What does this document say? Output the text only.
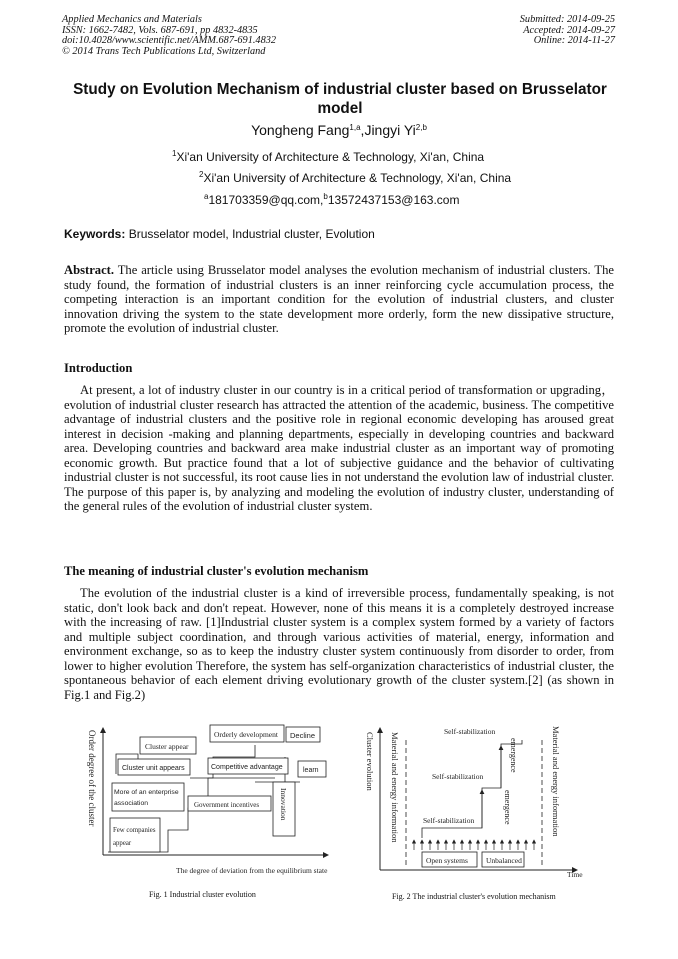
Applied Mechanics and Materials
ISSN: 1662-7482, Vols. 687-691, pp 4832-4835
doi:10.4028/www.scientific.net/AMM.687-691.4832
© 2014 Trans Tech Publications Ltd, Switzerland
Submitted: 2014-09-25
Accepted: 2014-09-27
Online: 2014-11-27
Study on Evolution Mechanism of industrial cluster based on Brusselator model
Yongheng Fang$^{1,a}$,Jingyi Yi$^{2,b}$
$^1$Xi'an University of Architecture & Technology, Xi'an, China
$^2$Xi'an University of Architecture & Technology, Xi'an, China
$^a$181703359@qq.com,$^b$13572437153@163.com
Keywords: Brusselator model, Industrial cluster, Evolution
Abstract. The article using Brusselator model analyses the evolution mechanism of industrial clusters. The study found, the formation of industrial clusters is an inner reinforcing cycle accumulation process, the competing interaction is an important condition for the evolution of industrial clusters, and cluster innovation driving the system to the state development more orderly, form the new dissipative structure, promote the evolution of industrial cluster.
Introduction
At present, a lot of industry cluster in our country is in a critical period of transformation or upgrading，evolution of industrial cluster research has attracted the attention of the academic, business. The competitive advantage of industrial clusters and the positive role in regional economic developing has aroused great interest in decision -making and planning departments, especially in developing countries and backward area. Developing countries and backward area make industrial cluster as an important way of promoting economic growth. But practice found that a lot of subjective guidance and the behavior of cultivating industrial cluster is not successful, its root cause lies in not understand the evolution law of industrial cluster. The purpose of this paper is, by analyzing and modeling the evolution of industry cluster, understanding of the general rules of the evolution of industrial cluster system.
The meaning of industrial cluster's evolution mechanism
The evolution of the industrial cluster is a kind of irreversible process, fundamentally speaking, is not static, don't look back and don't repeat. However, none of this means it is a completely destroyed increase with the increasing of raw. [1]Industrial cluster system is a complex system formed by a variety of factors and multiple subject coordination, and through various activities of material, energy, information and environment exchange, so as to keep the industry cluster system continuously from disorder to order, from lower to higher evolution Therefore, the system has self-organization characteristics of industrial cluster, the spontaneous behavior of each element driving evolutionary growth of the cluster system.[2] (as shown in Fig.1 and Fig.2)
Order degree of the cluster
The degree of deviation from the equilibrium state
Orderly development Decline
Cluster appear
Cluster unit appears	Competitive advantage	learn
More of an enterprise
association	Government incentives	Innovation
Few companies
appear
Fig. 1 Industrial cluster evolution
Cluster evolution Material and energy information	Material and energy information
emergence
emergence
Self-stabilization
Self-stabilization
Self-stabilization
Open systems Unbalanced
Time
Fig. 2 The industrial cluster's evolution mechanism
